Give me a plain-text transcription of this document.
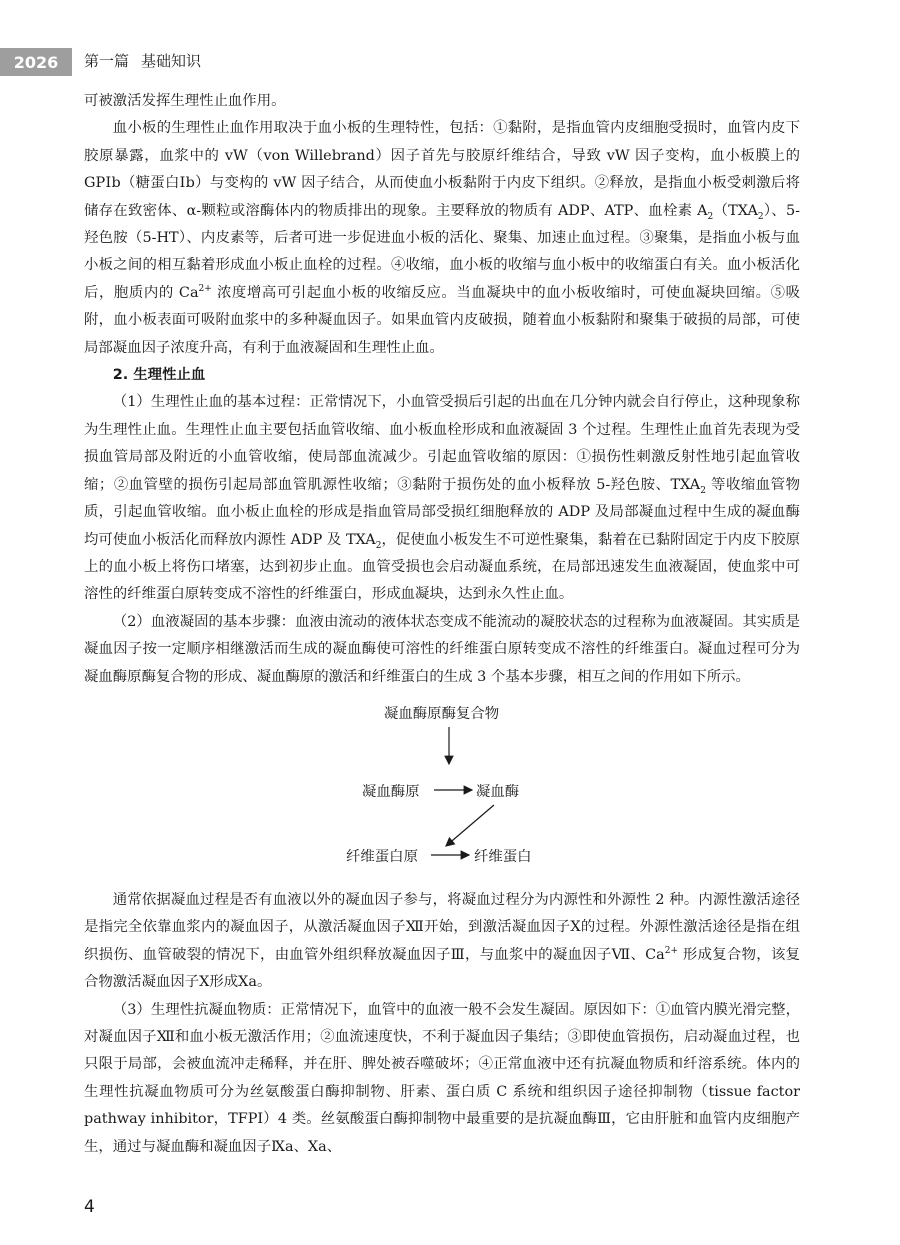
2026	第一篇 基础知识

可被激活发挥生理性止血作用。

血小板的生理性止血作用取决于血小板的生理特性，包括：①黏附，是指血管内皮细胞受损时，血管内皮下胶原暴露，血浆中的 vW（von Willebrand）因子首先与胶原纤维结合，导致 vW 因子变构，血小板膜上的 GPⅠb（糖蛋白Ⅰb）与变构的 vW 因子结合，从而使血小板黏附于内皮下组织。②释放，是指血小板受刺激后将储存在致密体、α-颗粒或溶酶体内的物质排出的现象。主要释放的物质有 ADP、ATP、血栓素 $A_2(TXA_2)$、5-羟色胺（5-HT）、内皮素等，后者可进一步促进血小板的活化、聚集、加速止血过程。③聚集，是指血小板与血小板之间的相互黏着形成血小板止血栓的过程。④收缩，血小板的收缩与血小板中的收缩蛋白有关。血小板活化后，胞质内的 $Ca^{2+}$ 浓度增高可引起血小板的收缩反应。当血凝块中的血小板收缩时，可使血凝块回缩。⑤吸附，血小板表面可吸附血浆中的多种凝血因子。如果血管内皮破损，随着血小板黏附和聚集于破损的局部，可使局部凝血因子浓度升高，有利于血液凝固和生理性止血。

2. 生理性止血

（1）生理性止血的基本过程：正常情况下，小血管受损后引起的出血在几分钟内就会自行停止，这种现象称为生理性止血。生理性止血主要包括血管收缩、血小板血栓形成和血液凝固 3 个过程。生理性止血首先表现为受损血管局部及附近的小血管收缩，使局部血流减少。引起血管收缩的原因：①损伤性刺激反射性地引起血管收缩；②血管壁的损伤引起局部血管肌源性收缩；③黏附于损伤处的血小板释放 5-羟色胺、$TXA_2$ 等收缩血管物质，引起血管收缩。血小板止血栓的形成是指血管局部受损红细胞释放的 ADP 及局部凝血过程中生成的凝血酶均可使血小板活化而释放内源性 ADP 及 $TXA_2$，促使血小板发生不可逆性聚集，黏着在已黏附固定于内皮下胶原上的血小板上将伤口堵塞，达到初步止血。血管受损也会启动凝血系统，在局部迅速发生血液凝固，使血浆中可溶性的纤维蛋白原转变成不溶性的纤维蛋白，形成血凝块，达到永久性止血。

（2）血液凝固的基本步骤：血液由流动的液体状态变成不能流动的凝胶状态的过程称为血液凝固。其实质是凝血因子按一定顺序相继激活而生成的凝血酶使可溶性的纤维蛋白原转变成不溶性的纤维蛋白。凝血过程可分为凝血酶原酶复合物的形成、凝血酶原的激活和纤维蛋白的生成 3 个基本步骤，相互之间的作用如下所示。

凝血酶原酶复合物
凝血酶原	凝血酶
纤维蛋白原	纤维蛋白

通常依据凝血过程是否有血液以外的凝血因子参与，将凝血过程分为内源性和外源性 2 种。内源性激活途径是指完全依靠血浆内的凝血因子，从激活凝血因子Ⅻ开始，到激活凝血因子Ⅹ的过程。外源性激活途径是指在组织损伤、血管破裂的情况下，由血管外组织释放凝血因子Ⅲ，与血浆中的凝血因子Ⅶ、$Ca^{2+}$ 形成复合物，该复合物激活凝血因子Ⅹ形成Ⅹa。

（3）生理性抗凝血物质：正常情况下，血管中的血液一般不会发生凝固。原因如下：①血管内膜光滑完整，对凝血因子Ⅻ和血小板无激活作用；②血流速度快，不利于凝血因子集结；③即使血管损伤，启动凝血过程，也只限于局部，会被血流冲走稀释，并在肝、脾处被吞噬破坏；④正常血液中还有抗凝血物质和纤溶系统。体内的生理性抗凝血物质可分为丝氨酸蛋白酶抑制物、肝素、蛋白质 C 系统和组织因子途径抑制物（tissue factor pathway inhibitor，TFPI）4 类。丝氨酸蛋白酶抑制物中最重要的是抗凝血酶Ⅲ，它由肝脏和血管内皮细胞产生，通过与凝血酶和凝血因子Ⅸa、Ⅹa、

4
